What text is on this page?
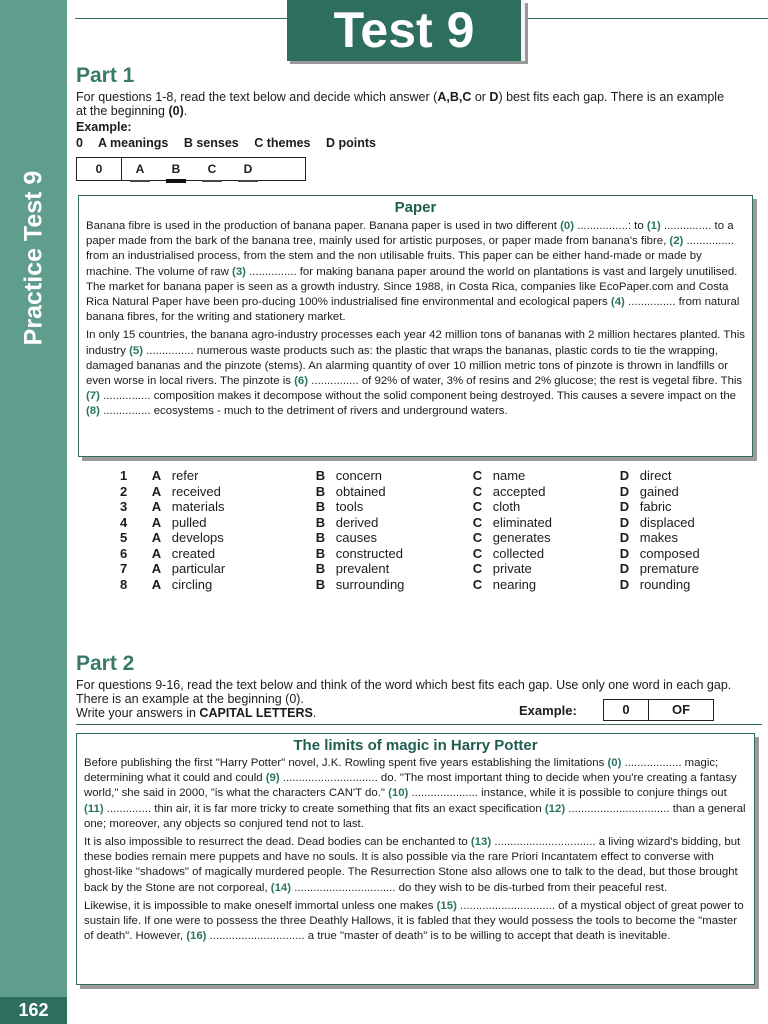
Practice Test 9
162
Test 9
Part 1
For questions 1-8, read the text below and decide which answer (A,B,C or D) best fits each gap. There is an example at the beginning (0).
Example:
0 A meanings B senses C themes D points
0	A	B	C	D
Paper

Banana fibre is used in the production of banana paper. Banana paper is used in two different (0) ................: to (1) ............... to a paper made from the bark of the banana tree, mainly used for artistic purposes, or paper made from banana's fibre, (2) ............... from an industrialised process, from the stem and the non utilisable fruits. This paper can be either hand-made or made by machine. The volume of raw (3) ............... for making banana paper around the world on plantations is vast and largely unutilised. The market for banana paper is seen as a growth industry. Since 1988, in Costa Rica, companies like EcoPaper.com and Costa Rica Natural Paper have been pro-ducing 100% industrialised fine environmental and ecological papers (4) ............... from natural banana fibres, for the writing and stationery market.

In only 15 countries, the banana agro-industry processes each year 42 million tons of bananas with 2 million hectares planted. This industry (5) ............... numerous waste products such as: the plastic that wraps the bananas, plastic cords to tie the wrapping, damaged bananas and the pinzote (stems). An alarming quantity of over 10 million metric tons of pinzote is thrown in landfills or even worse in local rivers. The pinzote is (6) ............... of 92% of water, 3% of resins and 2% glucose; the rest is vegetal fibre. This (7) ............... composition makes it decompose without the solid component being destroyed. This causes a severe impact on the (8) ............... ecosystems - much to the detriment of rivers and underground waters.

1	A refer	B concern	C name	D direct
2	A received	B obtained	C accepted	D gained
3	A materials	B tools	C cloth	D fabric
4	A pulled	B derived	C eliminated	D displaced
5	A develops	B causes	C generates	D makes
6	A created	B constructed	C collected	D composed
7	A particular	B prevalent	C private	D premature
8	A circling	B surrounding	C nearing	D rounding
Part 2
For questions 9-16, read the text below and think of the word which best fits each gap. Use only one word in each gap. There is an example at the beginning (0).
Write your answers in CAPITAL LETTERS.	Example:	0	OF
The limits of magic in Harry Potter

Before publishing the first "Harry Potter" novel, J.K. Rowling spent five years establishing the limitations (0) .................. magic; determining what it could and could (9) .............................. do. "The most important thing to decide when you're creating a fantasy world," she said in 2000, "is what the characters CAN'T do." (10) ..................... instance, while it is possible to conjure things out (11) .............. thin air, it is far more tricky to create something that fits an exact specification (12) ................................ than a general one; moreover, any objects so conjured tend not to last.

It is also impossible to resurrect the dead. Dead bodies can be enchanted to (13) ................................ a living wizard's bidding, but these bodies remain mere puppets and have no souls. It is also possible via the rare Priori Incantatem effect to converse with ghost-like "shadows" of magically murdered people. The Resurrection Stone also allows one to talk to the dead, but those brought back by the Stone are not corporeal, (14) ................................ do they wish to be dis-turbed from their peaceful rest.

Likewise, it is impossible to make oneself immortal unless one makes (15) .............................. of a mystical object of great power to sustain life. If one were to possess the three Deathly Hallows, it is fabled that they would possess the tools to become the "master of death". However, (16) .............................. a true "master of death" is to be willing to accept that death is inevitable.
